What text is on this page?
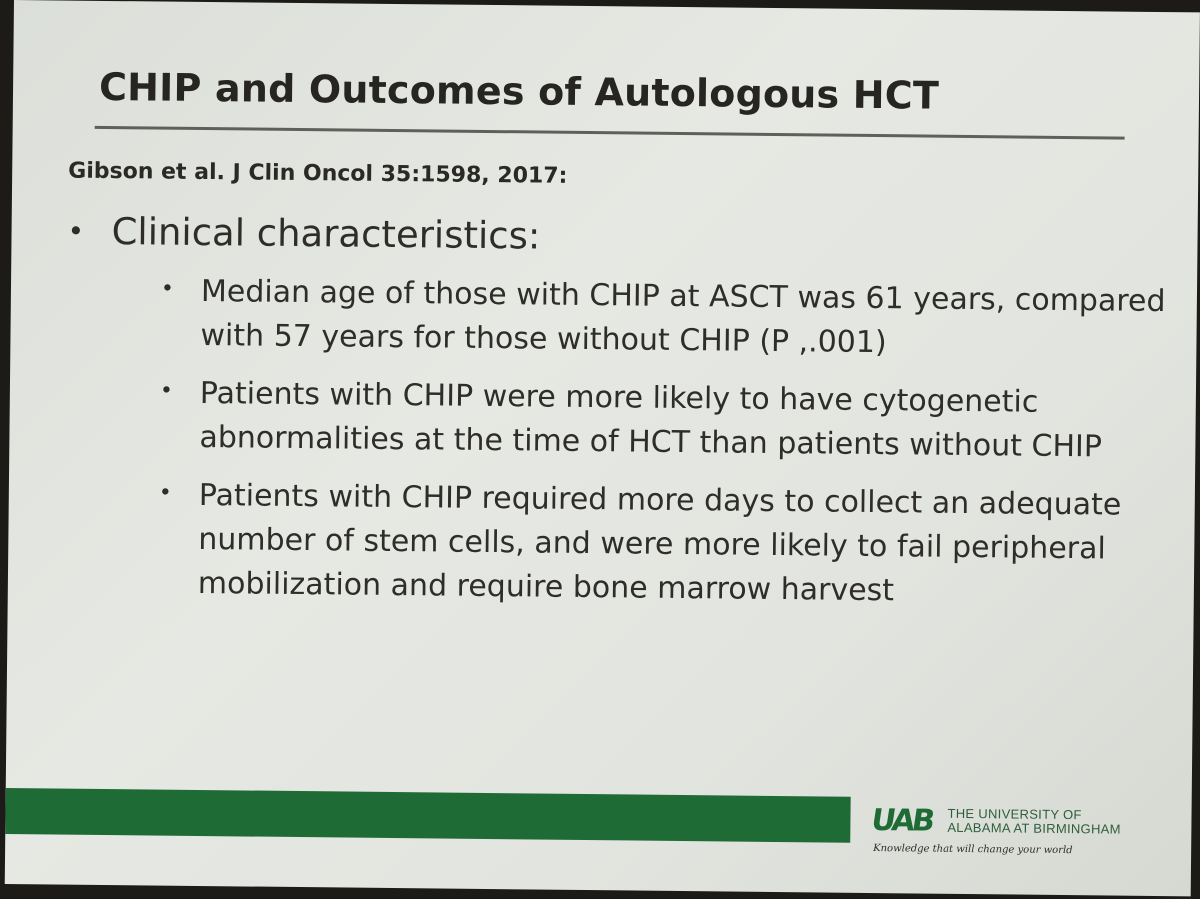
CHIP and Outcomes of Autologous HCT
Gibson et al. J Clin Oncol 35:1598, 2017:
• Clinical characteristics:
• Median age of those with CHIP at ASCT was 61 years, compared with 57 years for those without CHIP (P ,.001)
• Patients with CHIP were more likely to have cytogenetic abnormalities at the time of HCT than patients without CHIP
• Patients with CHIP required more days to collect an adequate number of stem cells, and were more likely to fail peripheral mobilization and require bone marrow harvest
UAB THE UNIVERSITY OF
ALABAMA AT BIRMINGHAM
Knowledge that will change your world
